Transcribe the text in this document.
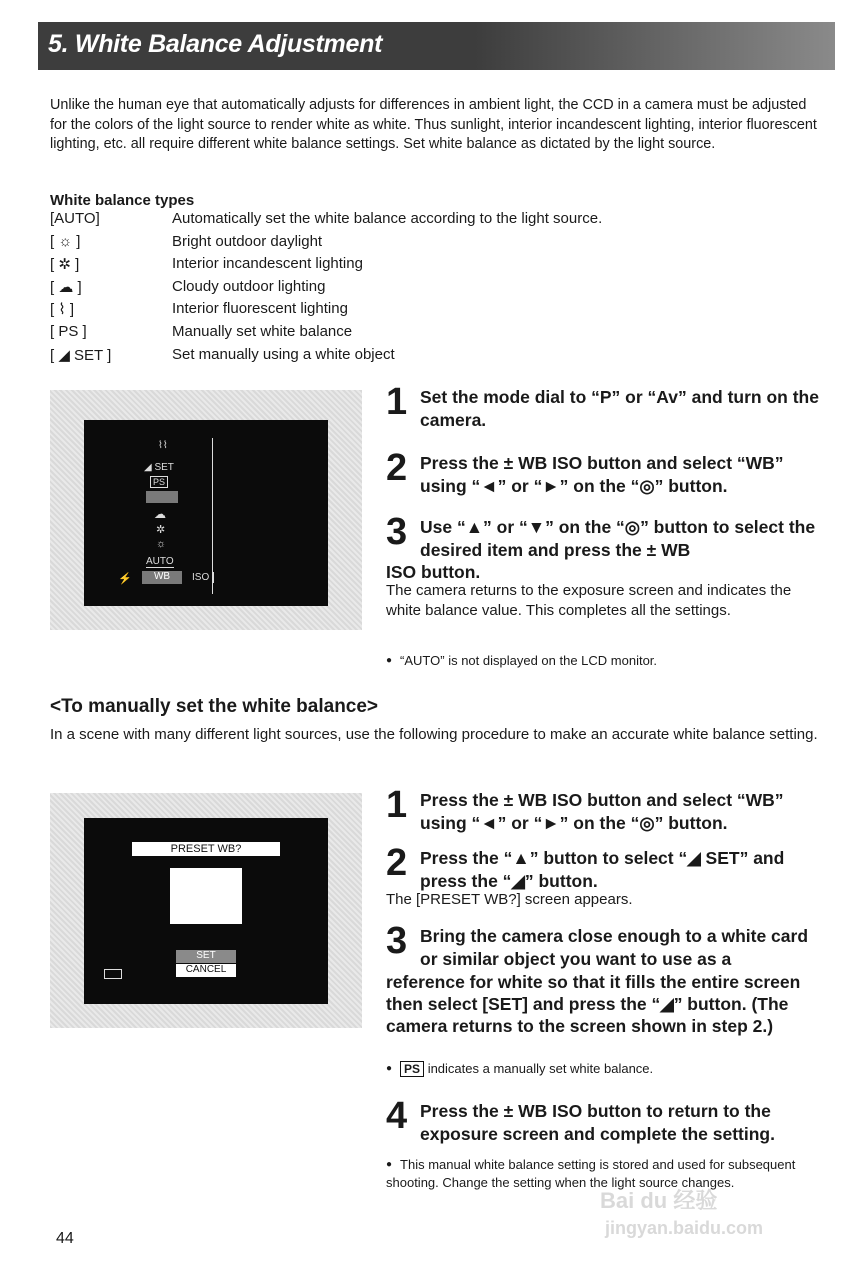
5. White Balance Adjustment
Unlike the human eye that automatically adjusts for differences in ambient light, the CCD in a camera must be adjusted for the colors of the light source to render white as white. Thus sunlight, interior incandescent lighting, interior fluorescent lighting, etc. all require different white balance settings. Set white balance as dictated by the light source.
White balance types
[AUTO]	Automatically set the white balance according to the light source.
[ ☼ ]	Bright outdoor daylight
[ ✲ ]	Interior incandescent lighting
[ ☁ ]	Cloudy outdoor lighting
[ ⌇ ]	Interior fluorescent lighting
[ PS ]	Manually set white balance
[ ◢ SET ]	Set manually using a white object
⌇⌇
◢ SET
PS
☁
✲
☼
AUTO
⚡	WB	ISO
1 Set the mode dial to “P” or “Av” and turn on the camera.
2 Press the ± WB ISO button and select “WB” using “◄” or “►” on the “◎” button.
3 Use “▲” or “▼” on the “◎” button to select the desired item and press the ± WB
ISO button.
The camera returns to the exposure screen and indicates the white balance value. This completes all the settings.
● “AUTO” is not displayed on the LCD monitor.
<To manually set the white balance>
In a scene with many different light sources, use the following procedure to make an accurate white balance setting.
PRESET WB?
SET
CANCEL
1 Press the ± WB ISO button and select “WB” using “◄” or “►” on the “◎” button.
2 Press the “▲” button to select “◢ SET” and press the “◢” button.
The [PRESET WB?] screen appears.
3 Bring the camera close enough to a white card or similar object you want to use as a
reference for white so that it fills the entire screen then select [SET] and press the “◢” button. (The camera returns to the screen shown in step 2.)
● PS indicates a manually set white balance.
4 Press the ± WB ISO button to return to the exposure screen and complete the setting.
● This manual white balance setting is stored and used for subsequent shooting. Change the setting when the light source changes.
Bai du 经验
jingyan.baidu.com
44
